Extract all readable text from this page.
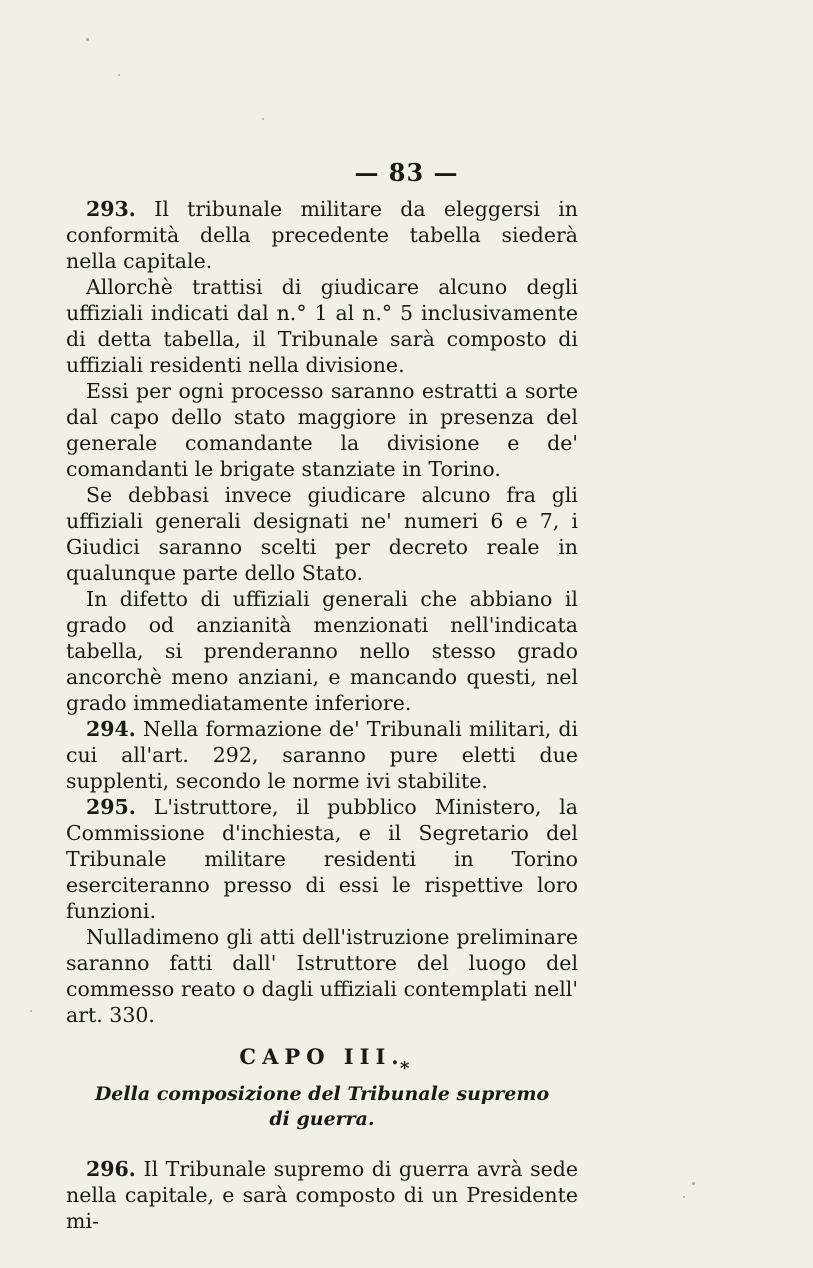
— 83 —

293. Il tribunale militare da eleggersi in conformità della precedente tabella siederà nella capitale.

Allorchè trattisi di giudicare alcuno degli uffiziali indicati dal n.° 1 al n.° 5 inclusivamente di detta tabella, il Tribunale sarà composto di uffiziali residenti nella divisione.

Essi per ogni processo saranno estratti a sorte dal capo dello stato maggiore in presenza del generale comandante la divisione e de' comandanti le brigate stanziate in Torino.

Se debbasi invece giudicare alcuno fra gli uffiziali generali designati ne' numeri 6 e 7, i Giudici saranno scelti per decreto reale in qualunque parte dello Stato.

In difetto di uffiziali generali che abbiano il grado od anzianità menzionati nell'indicata tabella, si prenderanno nello stesso grado ancorchè meno anziani, e mancando questi, nel grado immediatamente inferiore.

294. Nella formazione de' Tribunali militari, di cui all'art. 292, saranno pure eletti due supplenti, secondo le norme ivi stabilite.

295. L'istruttore, il pubblico Ministero, la Commissione d'inchiesta, e il Segretario del Tribunale militare residenti in Torino eserciteranno presso di essi le rispettive loro funzioni.

Nulladimeno gli atti dell'istruzione preliminare saranno fatti dall' Istruttore del luogo del commesso reato o dagli uffiziali contemplati nell' art. 330.

CAPO III.
Della composizione del Tribunale supremo
di guerra.

296. Il Tribunale supremo di guerra avrà sede nella capitale, e sarà composto di un Presidente mi-

*
